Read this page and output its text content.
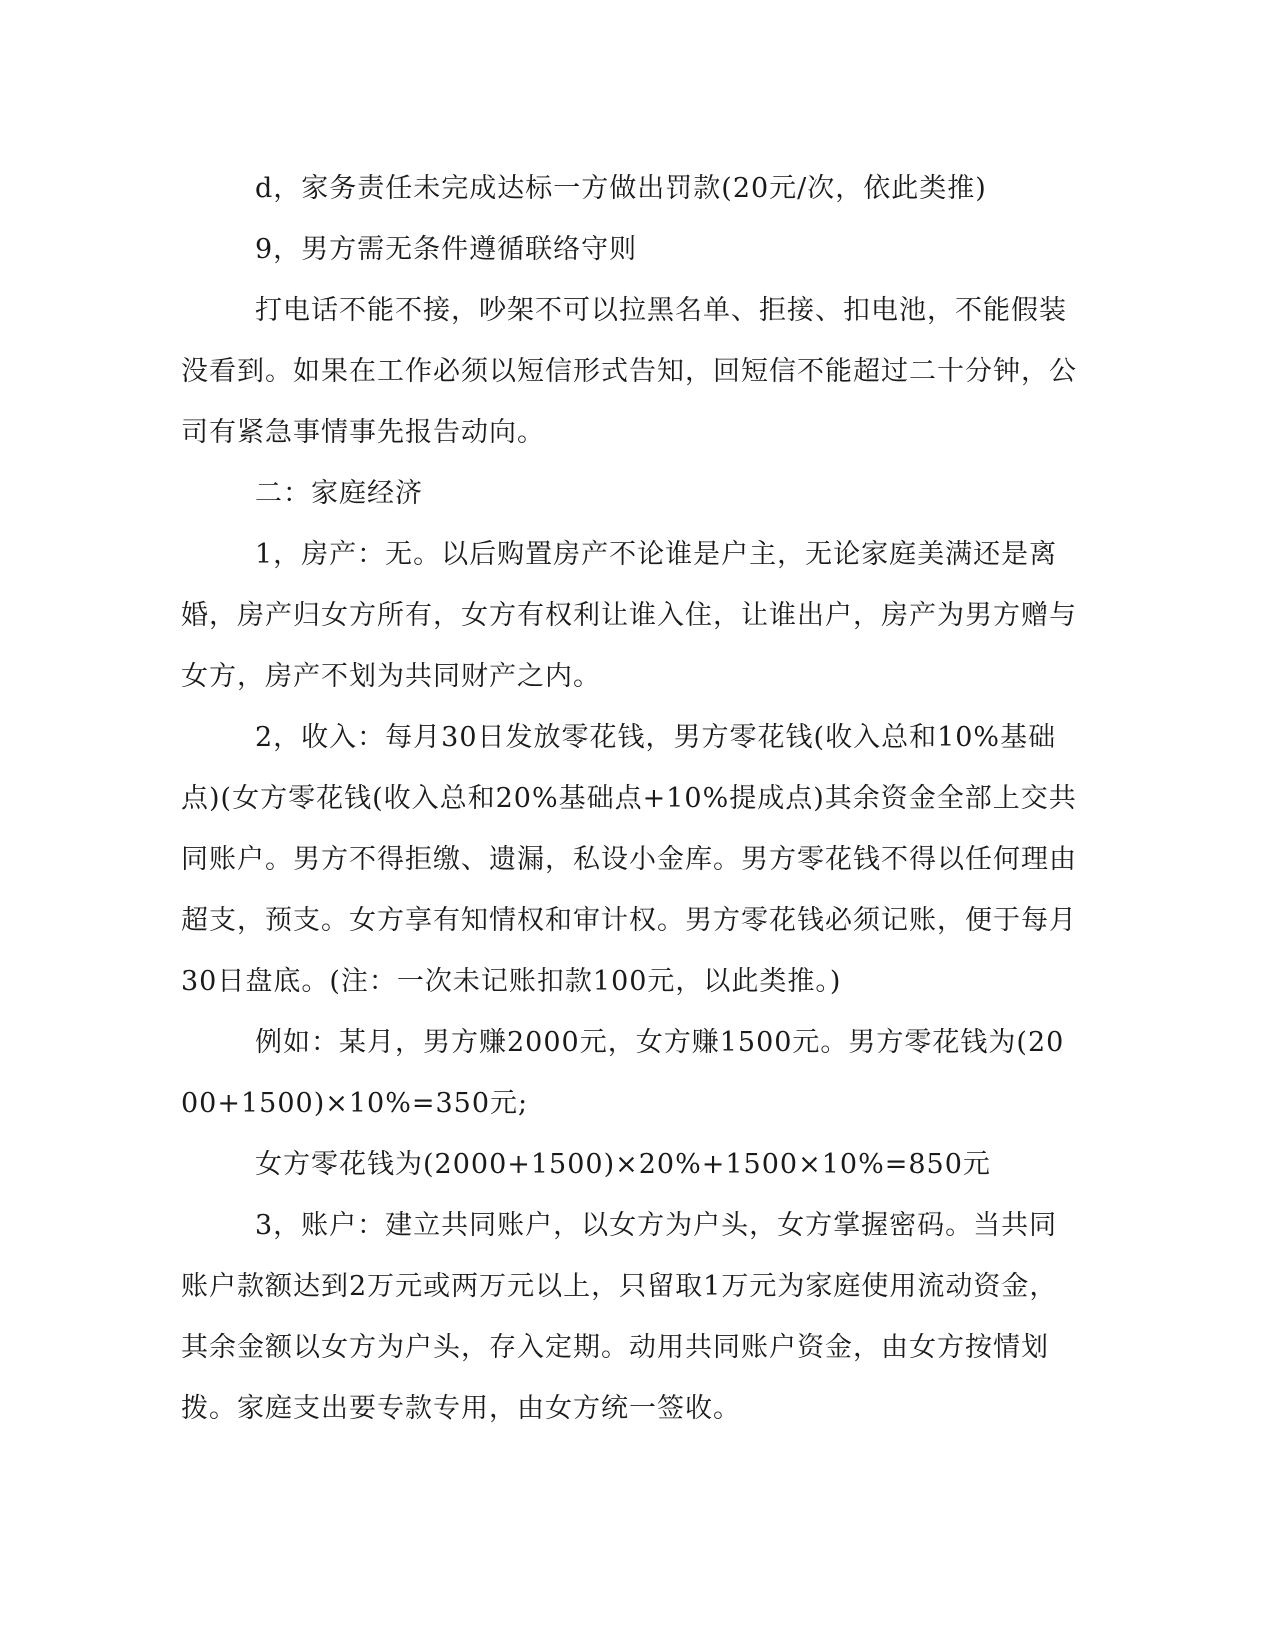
d，家务责任未完成达标一方做出罚款(20元/次，依此类推)

9，男方需无条件遵循联络守则

打电话不能不接，吵架不可以拉黑名单、拒接、扣电池，不能假装没看到。如果在工作必须以短信形式告知，回短信不能超过二十分钟，公司有紧急事情事先报告动向。

二：家庭经济

1，房产：无。以后购置房产不论谁是户主，无论家庭美满还是离婚，房产归女方所有，女方有权利让谁入住，让谁出户，房产为男方赠与女方，房产不划为共同财产之内。

2，收入：每月30日发放零花钱，男方零花钱(收入总和10%基础点)(女方零花钱(收入总和20%基础点+10%提成点)其余资金全部上交共同账户。男方不得拒缴、遗漏，私设小金库。男方零花钱不得以任何理由超支，预支。女方享有知情权和审计权。男方零花钱必须记账，便于每月30日盘底。(注：一次未记账扣款100元，以此类推。)

例如：某月，男方赚2000元，女方赚1500元。男方零花钱为(2000+1500)×10%=350元;

女方零花钱为(2000+1500)×20%+1500×10%=850元

3，账户：建立共同账户，以女方为户头，女方掌握密码。当共同账户款额达到2万元或两万元以上，只留取1万元为家庭使用流动资金，其余金额以女方为户头，存入定期。动用共同账户资金，由女方按情划拨。家庭支出要专款专用，由女方统一签收。
